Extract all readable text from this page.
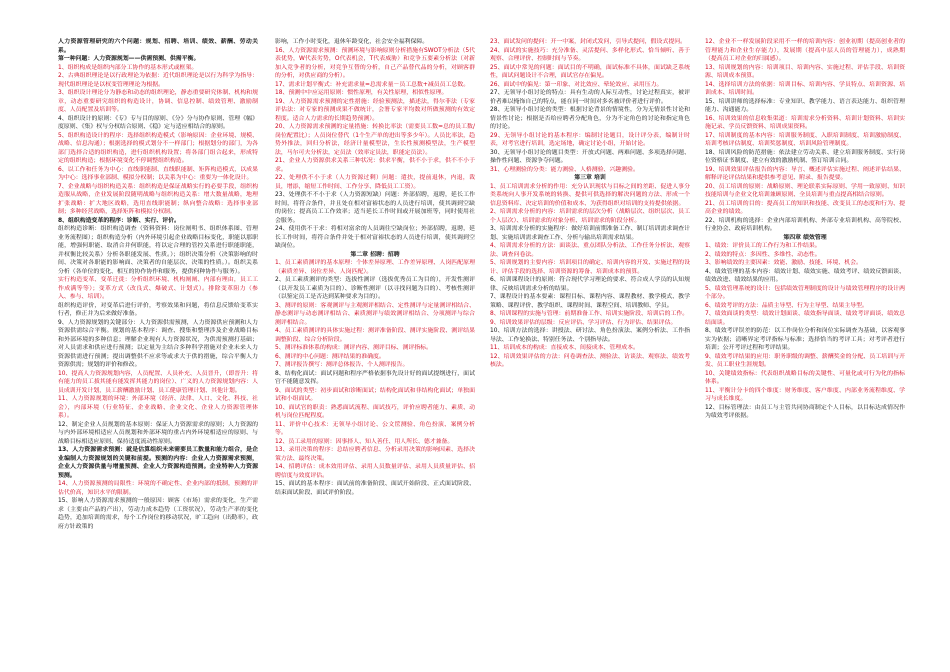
人力资源管理研究的六个问题：规划、招聘、培训、绩效、薪酬、劳动关系。

第一种问题：人力资源规划——供需预测、供需平衡。

1、组织构成是组织内部分工协作的基本形式或框架。

2、古典组织理论是以行政理论为依据：近代组织理论是以行为科学为指导：现代组织理论是以权变管理理论为根据。

3、组织设计理论分为静态和动态的组织理论，静态重要研究体制、机构和规章，动态重要研究组织的构造设计，协调、信息控制、绩效管理、激励制度、人员配置及培训等。

4、组织设计的原则：《专》专与目的原则、《分》分与协作原则、管理《幅》度原则、《集》权与分权结合原则、《稳》定与适应相结合的原则。

5、组织构造设计的程序：选择组织构造模式（影响原因：企业环境、规模、战略、信息沟通）；根据选择的模式划分不一样部门；根据划分的部门，为各部门选择合适的组织构造，进行组织机构设置；将各部门组合起来，形成特定的组织构造；根据环境变化不停调整组织构造。

6、以工作和任务为中心：直线职能制、直线职能制、矩阵构造模式，以成果为中心：选择事业部制、模拟分权制；以关系为中心：重要为一体化设计。

7、企业战略与组织构造关系：组织构造是保证战略实行的必要手段，组织构造服从战略，企业发展阶段随明战略与组织构造关系：增大数量战略，地理扩张战略：扩大地区战略，选用直线职能制；纵向整合战略：选择事业部制；多种经营战略，选择矩阵和模拟分权制。

8、组织构造变革的程序：诊断、实行、评价。

组织构造诊断：组织构造调查（资料资料：岗位阐明书、组织体系图、管理业务流程图）；组织构造分析（内外环境引起企业战略目标变化，职能以那职能，增强何职能、取消合并何职能，将以定合理的管控关系进行职能职能，并权衡比较关系）分析各职能发展、性质。）；组织决策分析（决策影响的时间、决策对各职能的影响面、决策者的自能层次、决策的性质。）。组织关系分析（各单位的变化、相互的协作协作和服务，提供何种协作与服务）。

实行构造变革、变革迁徙：分析组织环境、机构阐阐、内部有理由，员工工作成满等等）；变革方式（改良式、爆破式、计划式）。排除变革阻力（参入、参与、培训）。

组织构造评价，对变革后进行评价，考察效果和问题，将信息反馈给变革实行者，修正并为后来做好准备。

9、人力资源规划的关键部分：人力资源供需预测，人力资源供应预测和人力资源供需综合平衡。规划的基本程序：调查、搜集和整理涉及企业战略目标和外部环境的多种信息；理解企业现有人力资源状况，为供需预测打基础；对人员需求和供应进行预测；以定量为主结合多种科学措施对企业未来人力资源供需进行预测；提出调整供不应求等或求大于供的措施，综合平衡人力资源供需；规划的评价和修改。

10、提高人力资源规划内容，人员配置、人员补充、人员晋升，（即晋升：将有能力的员工拔其能有能发挥其能力的岗位）、广义的人力资源规划内容：人员成训开发计划，员工薪酬激励计划、员工健康管理计划、其他计划。

11、人力资源规划的环境：外部环境（经济、法律、人口、文化、科技、社会），内部环境（行业特征、企业战略、企业文化、企业人力资源管理体系）。

12、制定企业人员规划的基本原则：保证人力资源需求的原则；人力资源的与内外部环境相适应人员规划和外部环境的重占内外环境相适应的原则、与战略目标相适应原则、保持适度流动性原则。

13、人力资源需求预测：就是估算组织未来需要员工数量和能力组合，是企业编制人力资源规划的关键和前提。预测的内容：企业人力资源需求预测，企业人力资源供量与增量预测、企业人力资源构造预测。企业特种人力资源预测。

14、人力资源预测的局限性：环境的不确定性、企业内部的抵制，预测的评估代价高，知识水平的限制。

15、影响人力资源需求预测的一般原因：顾客（市场）需求的变化，生产需求（主要由产品的产出），劳动力成本趋势（工资状况），劳动生产率的变化趋势，追加培训的需求，每个工作岗位的移动状况，旷工趋向（出勤率），政府方针政策的

影响，工作小时变化，退休年龄变化，社会安全福利保障。

16、人力资源需求预测：预测环境与影响原则分析措施有SWOT分析法（5代表优势，W代表劣势，O代表机会，T代表威胁）和竞争五要素分析法（对新加入竞争者的分析，对竞争互替的分析，自己产品替代品的分析，对顾客群的分析，对供应商的分析）。

17、需求计划平衡式：补充需求量=总需求量－员工总数+减员员工总数。

18、预测中中应运用原则：惯性原理，有关性原理，相似性原理。

19、人力资源需求预测的定性措施：经验预测法，描述法，得尔菲法（专家评估法：对专家的预测成果不做统计，会署专家平均数对所做预测的有效定程度。适合人力需求的长期趋势预测）。

20、人力资源需求预测的定量措施：转换比率法（需要员工数=总的员工数/岗位配置比）；人员岗位替代（1个生产单的进出等多少年）。人员比率法，趋势外推法，回归分析法，经济计量模型法，生长性预测模型法，生产模型法，马尔可夫分析法，定员法（效率定员法，职能定员法）。

21、企业人力资源供求关系三种状况：供求平衡，供不小于求，供不不小于求。

22、处理供不小于求（人力资源过剩）问题：遣扶，提前退休，内退，裁员，增添，缩短工作时间、工作分享、降低员工工资）。

23、处理供不不小于求（人力资源短缺）问题：外部招聘，返聘，延长工作时间，将符合条件，并且处在相对富裕状态的人员进行培训，使其调到空缺的岗位；提高员工工作效率；适当延长工作时间或开展加班等，同时使用社会服务。

24、使用供不于求：将相对富余的人员调往空缺岗位；外部招聘，返聘，延长工作时间，将符合条件并处于相对富裕状态的人员进行培训，使其调到空缺岗位。

第二章 招聘：招聘

1、员工素质测评的基本原理：个体差异原理、工作差异原理、人岗匹配原理（素质差异、岗位差异、人岗匹配）。

2、员工素质测评的类型：选拔性测评（选拔优秀员工为目的），开发性测评（以开发员工素质为目的）、诊断性测评（以寻找问题为目的）、考核性测评（以鉴定员工是否达到某种要求为目的）。

3、测评的原则：客观测评与主观测评相结合、定性测评与定量测评相结合、静态测评与动态测评相结合、素质测评与绩效测评相结合、分项测评与综合测评相结合。

4、员工素质测评的具体实施过程：测评准备阶段、测评实施阶段、测评结果调整阶段、综合分析阶段。

5、测评标准体系的构成：测评内容、测评目标、测评指标。

6、测评的中心问题：测评结果的准确度。

7、测评报告撰写：测评总体报告、个人测评报告。

8、结构化面试：面试问题和程序严格依据事先设计好的面试提纲进行，面试官不能随意发挥。

9、面试的类型：初步面试和诊断面试；结构化面试和非结构化面试；单独面试和小组面试。

10、面试官的职责：熟悉面试流程、面试技巧，评价应聘者能力、素质、动机与岗位匹配程度。

11、评价中心技术：无领导小组讨论、公文筐测验、角色扮演、案例分析等。

12、员工录用的原则：因事择人、知人善任、用人所长、德才兼备。

13、录用决策的程序：总结应聘者信息、分析录用决策的影响因素、选择决策方法、最终决策。

14、招聘评估：成本效用评估、录用人员数量评估、录用人员质量评估、招聘信度与效度评估。

15、面试的基本程序：面试前的准备阶段、面试开始阶段、正式面试阶段、结束面试阶段、面试评价阶段。

23、面试发问的提问：开一中案，封闭式发问，引导式提问，假设式提问。

24、面试的实施技巧：充分准备、灵活提问、多样化形式、恰当倾听、善于观察、合理评价、控制时间与节奏。

25、面试中常见的问题：面试目的不明确，面试标准不具体，面试缺乏系统性，面试问题设计不合理，面试官存在偏见。

26、面试中的偏见：第一印象、对比效应、晕轮效应、录用压力。

27、无领导小组讨论的特点：具有生动的人际互动性，讨论过程真实，被评价者难以掩饰自己的特点，能在同一时间对多名被评价者进行评价。

28、无领导小组讨论的类型：根据讨论背景的情境性，分为无情景性讨论和情景性讨论；根据是否给应聘者分配角色，分为不定角色的讨论和指定角色的讨论。

29、无领导小组讨论的基本程序：编制讨论题目，设计评分表，编制计时表，对考官进行培训，选定场地，确定讨论小组，开始讨论。

30、无领导小组讨论的题目类型：开放式问题、两难问题、多项选择问题、操作性问题、资源争夺问题。

31、心理测验的分类：能力测验、人格测验、兴趣测验。

第三章 培训

1、员工培训需求分析的作用：充分认识现状与目标之间的差距、促进人事分类系统向人事开发系统的转换、提供可供选择的解决问题的方法、形成一个信息资料库、决定培训的价值和成本、为获得组织对培训的支持提供依据。

2、培训需求分析的内容：培训需求的层次分析（战略层次、组织层次、员工个人层次）、培训需求的对象分析、培训需求的阶段分析。

3、培训需求分析的实施程序：做好培训前期准备工作、制订培训需求调查计划、实施培训需求调查工作、分析与输出培训需求结果。

4、培训需求分析的方法：面谈法、重点团队分析法、工作任务分析法、观察法、调查问卷法。

5、培训规划的主要内容：培训项目的确定、培训内容的开发、实施过程的设计、评估手段的选择、培训资源的筹备、培训成本的预算。

6、培训课程设计的原则：符合现代学习理论的要求、符合成人学员的认知规律、反映培训需求分析的结果。

7、课程设计的基本要素：课程目标、课程内容、课程教材、教学模式、教学策略、课程评价、教学组织、课程时间、课程空间、培训教师、学员。

8、培训课程的实施与管理：前期准备工作、培训实施阶段、培训后的工作。

9、培训效果评估的层级：反应评估、学习评估、行为评估、结果评估。

10、培训方法的选择：讲授法、研讨法、角色扮演法、案例分析法、工作指导法、工作轮换法、特别任务法、个别指导法。

11、培训成本的构成：直接成本、间接成本、管理成本。

12、培训效果评估的方法：问卷调查法、测验法、访谈法、观察法、绩效考核法。

12、企业不一样发展阶段采用不一样的培训内容：创业初期（提高创业者的管理能力和企业生存能力），发展期（提高中层人员的管理能力），成熟期（提高员工对企业的归属感）。

13、培训规划的内容：培训项目、培训内容、实施过程、评估手段、培训资源、培训成本预算。

14、选择培训方法的依据：培训目标、培训内容、学员特点、培训资源、培训成本、培训时间。

15、培训讲师的选择标准：专业知识、教学能力、语言表达能力、组织管理能力、沟通能力。

16、培训效果的信息收集渠道：培训需求分析资料、培训计划资料、培训实施记录、学员反馈资料、培训成果资料。

17、培训制度的基本内容：培训服务制度、入职培训制度、培训激励制度、培训考核评估制度、培训奖惩制度、培训风险管理制度。

18、培训风险的防范措施：依法建立劳动关系、建立培训服务制度、实行岗位资格证书制度、建立有效的激励机制、签订培训合同。

19、培训效果评估报告的内容：导言、概述评估实施过程、阐述评估结果、解释评论评估结果和提供参考意见、附录、报告提要。

20、员工培训的原则：战略原则、理论联系实际原则、学用一致原则、知识技能培训与企业文化培训兼顾原则、全员培训与重点提高相结合原则。

21、员工培训的目的：提高员工的知识和技能、改变员工的态度和行为、提高企业的绩效。

22、培训机构的选择：企业内部培训机构、外部专业培训机构、高等院校、行业协会、政府培训机构。

第四章 绩效管理

1、绩效：评价员工的工作行为和工作结果。

2、绩效的特点：多因性、多维性、动态性。

3、影响绩效的主要因素：效能、激励、技能、环境、机会。

4、绩效管理的基本内容：绩效计划、绩效实施、绩效考评、绩效反馈面谈、绩效改进、绩效结果的应用。

5、绩效管理系统的设计：包括绩效管理制度的设计与绩效管理程序的设计两个部分。

6、绩效考评的方法：品质主导型、行为主导型、结果主导型。

7、绩效面谈的类型：绩效计划面谈、绩效指导面谈、绩效考评面谈、绩效总结面谈。

8、绩效考评误差的防范：以工作岗位分析和岗位实际调查为基础，以客观事实为依据；清晰界定考评指标与标准；选择恰当的考评工具；对考评者进行培训；公开考评过程和考评结果。

9、绩效考评结果的应用：职务职级的调整、薪酬奖金的分配、员工培训与开发、员工职业生涯规划。

10、关键绩效指标：代表组织战略目标的关键性、可量化或可行为化的指标体系。

11、平衡计分卡的四个维度：财务维度、客户维度、内部业务流程维度、学习与成长维度。

12、目标管理法：由员工与主管共同协商制定个人目标，以目标达成情况作为绩效考评依据。
